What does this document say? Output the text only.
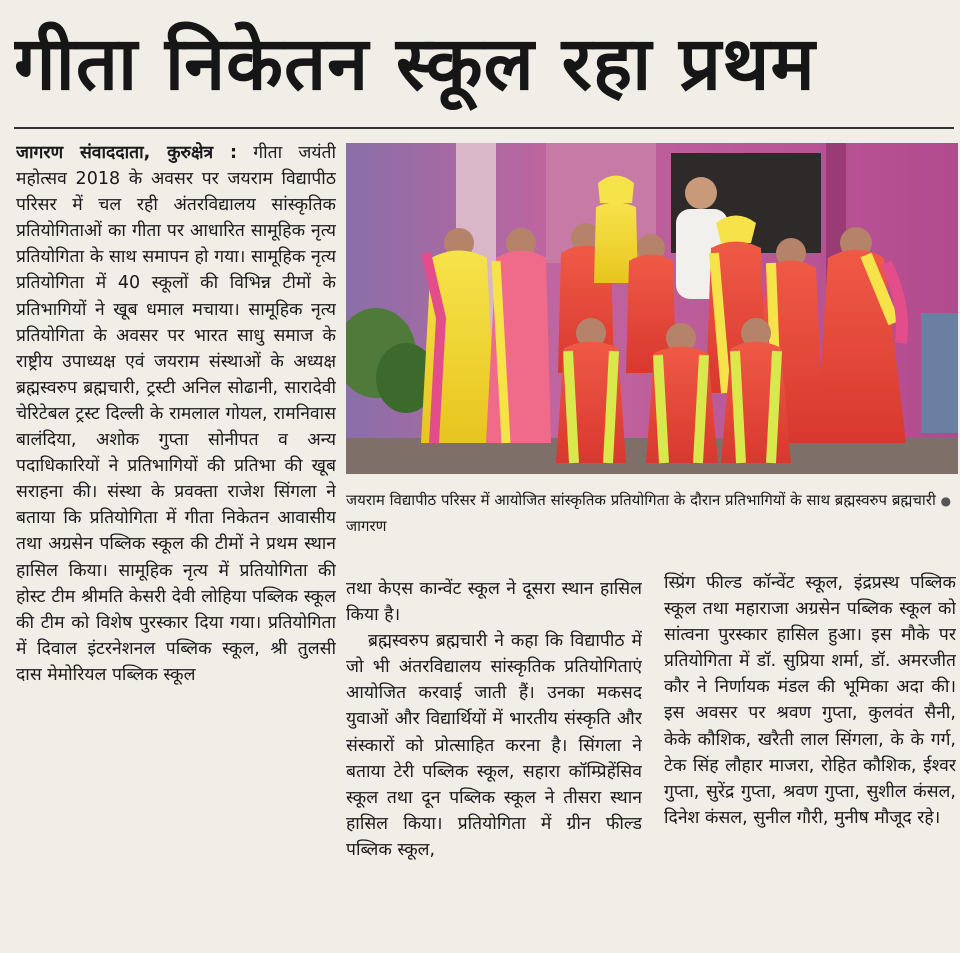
गीता निकेतन स्कूल रहा प्रथम

जागरण संवाददाता, कुरुक्षेत्र : गीता जयंती महोत्सव 2018 के अवसर पर जयराम विद्यापीठ परिसर में चल रही अंतरविद्यालय सांस्कृतिक प्रतियोगिताओं का गीता पर आधारित सामूहिक नृत्य प्रतियोगिता के साथ समापन हो गया। सामूहिक नृत्य प्रतियोगिता में 40 स्कूलों की विभिन्न टीमों के प्रतिभागियों ने खूब धमाल मचाया। सामूहिक नृत्य प्रतियोगिता के अवसर पर भारत साधु समाज के राष्ट्रीय उपाध्यक्ष एवं जयराम संस्थाओं के अध्यक्ष ब्रह्मस्वरुप ब्रह्मचारी, ट्रस्टी अनिल सोढानी, सारादेवी चेरिटेबल ट्रस्ट दिल्ली के रामलाल गोयल, रामनिवास बालंदिया, अशोक गुप्ता सोनीपत व अन्य पदाधिकारियों ने प्रतिभागियों की प्रतिभा की खूब सराहना की। संस्था के प्रवक्ता राजेश सिंगला ने बताया कि प्रतियोगिता में गीता निकेतन आवासीय तथा अग्रसेन पब्लिक स्कूल की टीमों ने प्रथम स्थान हासिल किया। सामूहिक नृत्य में प्रतियोगिता की होस्ट टीम श्रीमति केसरी देवी लोहिया पब्लिक स्कूल की टीम को विशेष पुरस्कार दिया गया। प्रतियोगिता में दिवाल इंटरनेशनल पब्लिक स्कूल, श्री तुलसी दास मेमोरियल पब्लिक स्कूल

जयराम विद्यापीठ परिसर में आयोजित सांस्कृतिक प्रतियोगिता के दौरान प्रतिभागियों के साथ ब्रह्मस्वरुप ब्रह्मचारी ● जागरण

तथा केएस कान्वेंट स्कूल ने दूसरा स्थान हासिल किया है।

ब्रह्मस्वरुप ब्रह्मचारी ने कहा कि विद्यापीठ में जो भी अंतरविद्यालय सांस्कृतिक प्रतियोगिताएं आयोजित करवाई जाती हैं। उनका मकसद युवाओं और विद्यार्थियों में भारतीय संस्कृति और संस्कारों को प्रोत्साहित करना है। सिंगला ने बताया टेरी पब्लिक स्कूल, सहारा कॉम्प्रिहेंसिव स्कूल तथा दून पब्लिक स्कूल ने तीसरा स्थान हासिल किया। प्रतियोगिता में ग्रीन फील्ड पब्लिक स्कूल,

स्प्रिंग फील्ड कॉन्वेंट स्कूल, इंद्रप्रस्थ पब्लिक स्कूल तथा महाराजा अग्रसेन पब्लिक स्कूल को सांत्वना पुरस्कार हासिल हुआ। इस मौके पर प्रतियोगिता में डॉ. सुप्रिया शर्मा, डॉ. अमरजीत कौर ने निर्णायक मंडल की भूमिका अदा की। इस अवसर पर श्रवण गुप्ता, कुलवंत सैनी, केके कौशिक, खरैती लाल सिंगला, के के गर्ग, टेक सिंह लौहार माजरा, रोहित कौशिक, ईश्वर गुप्ता, सुरेंद्र गुप्ता, श्रवण गुप्ता, सुशील कंसल, दिनेश कंसल, सुनील गौरी, मुनीष मौजूद रहे।
